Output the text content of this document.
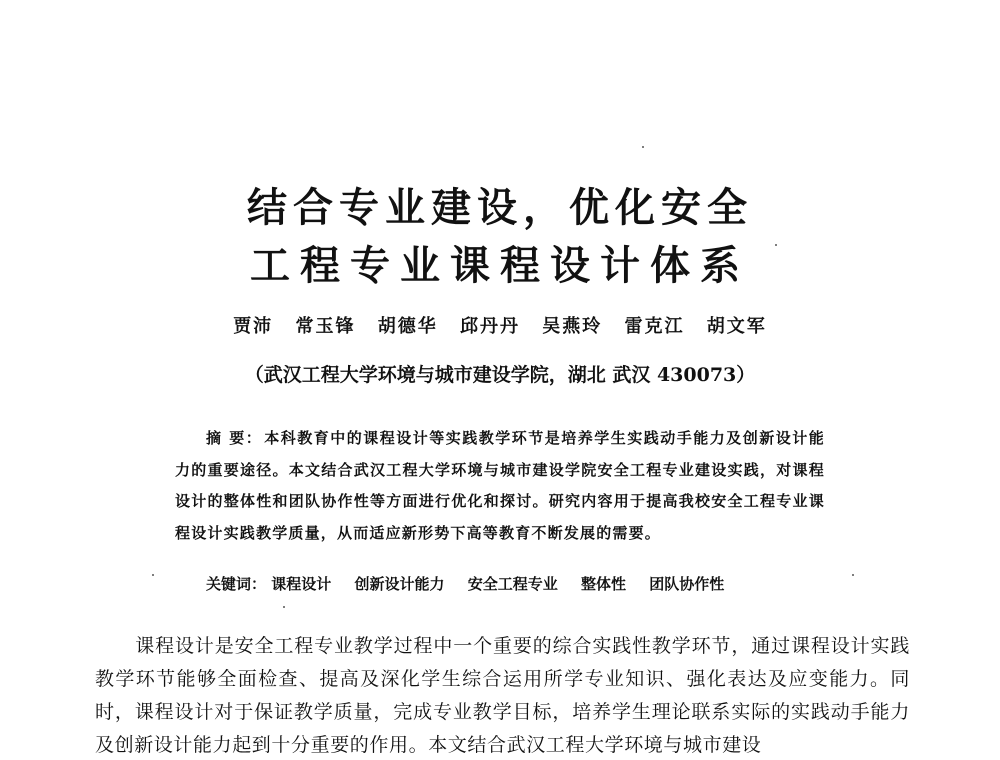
结合专业建设，优化安全
工程专业课程设计体系
贾沛 常玉锋 胡德华 邱丹丹 吴燕玲 雷克江 胡文军
（武汉工程大学环境与城市建设学院，湖北 武汉 430073）
摘 要： 本科教育中的课程设计等实践教学环节是培养学生实践动手能力及创新设计能力的重要途径。本文结合武汉工程大学环境与城市建设学院安全工程专业建设实践，对课程设计的整体性和团队协作性等方面进行优化和探讨。研究内容用于提高我校安全工程专业课程设计实践教学质量，从而适应新形势下高等教育不断发展的需要。
关键词： 课程设计 创新设计能力 安全工程专业 整体性 团队协作性
课程设计是安全工程专业教学过程中一个重要的综合实践性教学环节，通过课程设计实践教学环节能够全面检查、提高及深化学生综合运用所学专业知识、强化表达及应变能力。同时，课程设计对于保证教学质量，完成专业教学目标，培养学生理论联系实际的实践动手能力及创新设计能力起到十分重要的作用。本文结合武汉工程大学环境与城市建设
